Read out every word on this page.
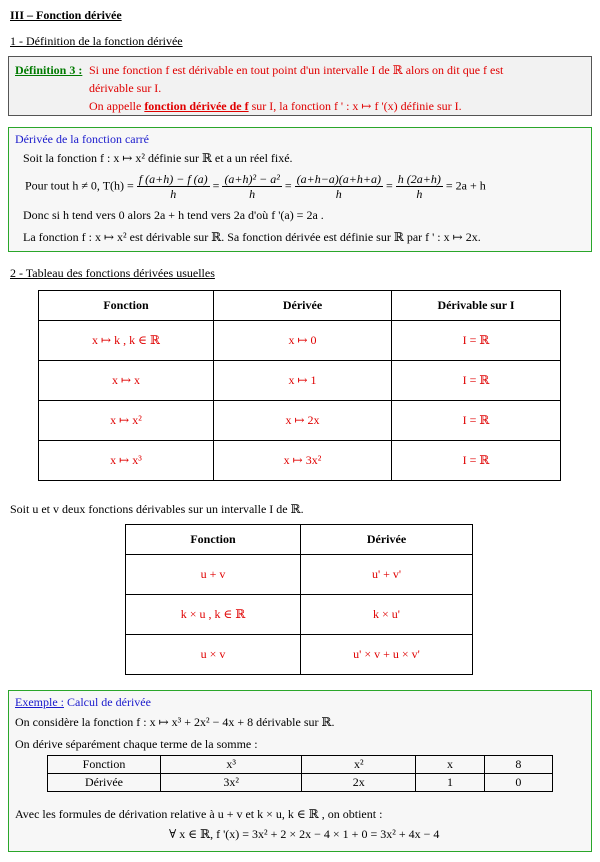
III – Fonction dérivée
1 - Définition de la fonction dérivée
Définition 3 : Si une fonction f est dérivable en tout point d'un intervalle I de ℝ alors on dit que f est
dérivable sur I.
On appelle fonction dérivée de f sur I, la fonction f ' : x ↦ f '(x) définie sur I.
Dérivée de la fonction carré
Soit la fonction f : x ↦ x² définie sur ℝ et a un réel fixé.
Pour tout h ≠ 0, $T(h) = \frac{f (a+h) - f (a)}{h} = \frac{\text{(a+h)² − a²}}{h} = \frac{(a+h-a)(a+h+a)}{h} = \frac{h (2a+h)}{h} = 2a + h$
Donc si h tend vers 0 alors 2a + h tend vers 2a d'où f '(a) = 2a .
La fonction f : x ↦ x² est dérivable sur ℝ. Sa fonction dérivée est définie sur ℝ par f ' : x ↦ 2x.
2 - Tableau des fonctions dérivées usuelles
Fonction	Dérivée	Dérivable sur I
x ↦ k , k ∈ ℝ	x ↦ 0	I = ℝ
x ↦ x	x ↦ 1	I = ℝ
x ↦ x²	x ↦ 2x	I = ℝ
x ↦ x³	x ↦ 3x²	I = ℝ
Soit u et v deux fonctions dérivables sur un intervalle I de ℝ.
Fonction	Dérivée
u + v	u' + v'
k × u , k ∈ ℝ	k × u'
u × v	u' × v + u × v'
Exemple : Calcul de dérivée
On considère la fonction f : x ↦ x³ + 2x² − 4x + 8 dérivable sur ℝ.
On dérive séparément chaque terme de la somme :
Fonction	x³	x²	x	8
Dérivée	3x²	2x	1	0
Avec les formules de dérivation relative à u + v et k × u, k ∈ ℝ , on obtient :
∀ x ∈ ℝ, f '(x) = 3x² + 2 × 2x − 4 × 1 + 0 = 3x² + 4x − 4
